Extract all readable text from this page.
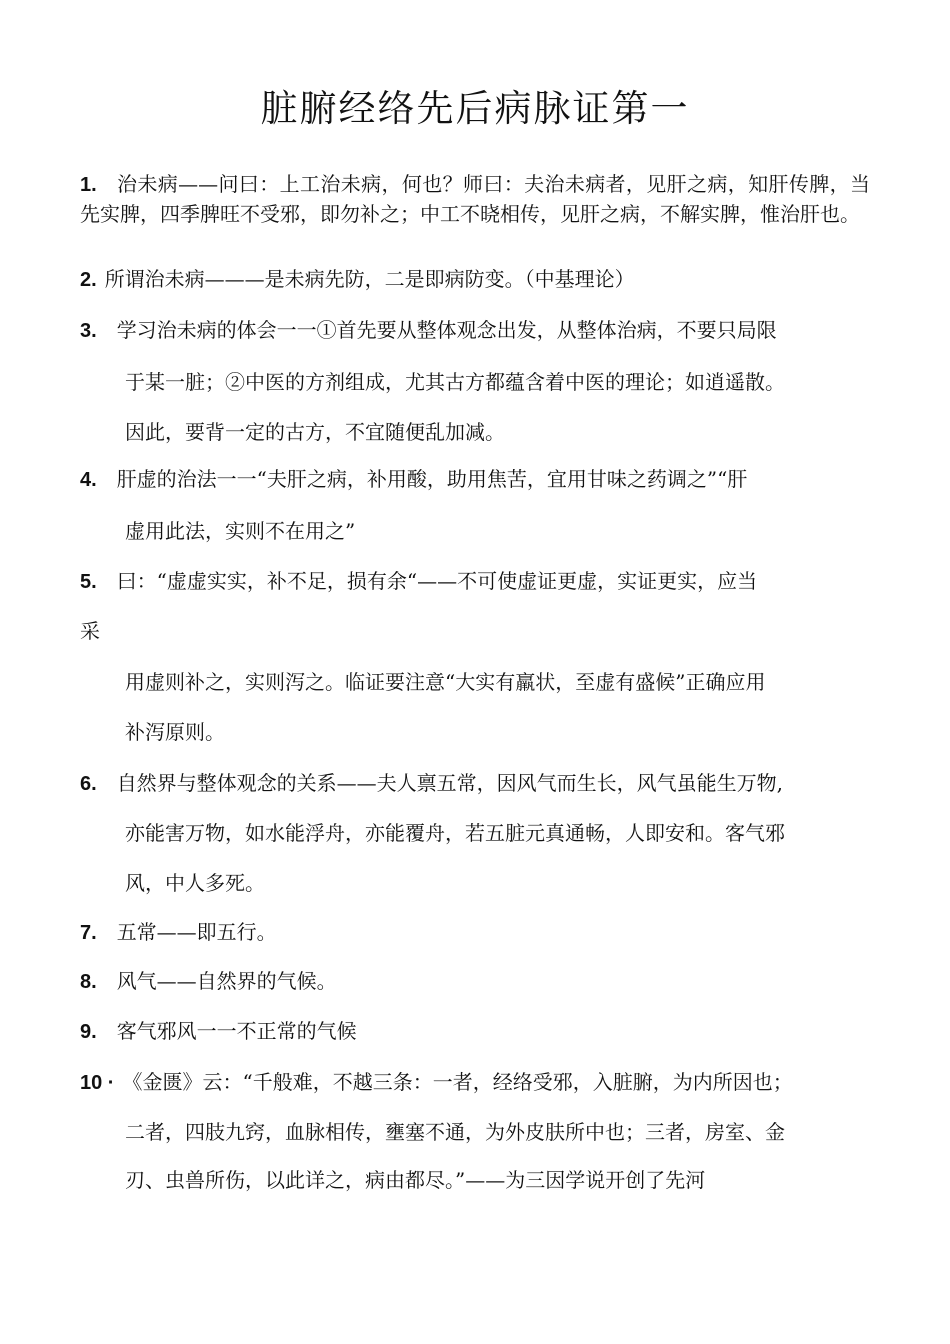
脏腑经络先后病脉证第一
1. 治未病——问曰：上工治未病，何也？师曰：夫治未病者，见肝之病，知肝传脾，当先实脾，四季脾旺不受邪，即勿补之；中工不晓相传，见肝之病，不解实脾，惟治肝也。
2. 所谓治未病———是未病先防，二是即病防变。（中基理论）
3. 学习治未病的体会一一①首先要从整体观念出发，从整体治病，不要只局限
于某一脏；②中医的方剂组成，尤其古方都蕴含着中医的理论；如逍遥散。
因此，要背一定的古方，不宜随便乱加减。
4. 肝虚的治法一一“夫肝之病，补用酸，助用焦苦，宜用甘味之药调之”“肝
虚用此法，实则不在用之”
5. 曰：“虚虚实实，补不足，损有余“——不可使虚证更虚，实证更实，应当
采
用虚则补之，实则泻之。临证要注意“大实有羸状，至虚有盛候”正确应用
补泻原则。
6. 自然界与整体观念的关系——夫人禀五常，因风气而生长，风气虽能生万物,
亦能害万物，如水能浮舟，亦能覆舟，若五脏元真通畅，人即安和。客气邪
风，中人多死。
7. 五常——即五行。
8. 风气——自然界的气候。
9. 客气邪风一一不正常的气候
10 · 《金匮》云：“千般难，不越三条：一者，经络受邪，入脏腑，为内所因也；
二者，四肢九窍，血脉相传，壅塞不通，为外皮肤所中也；三者，房室、金
刃、虫兽所伤，以此详之，病由都尽。”——为三因学说开创了先河
